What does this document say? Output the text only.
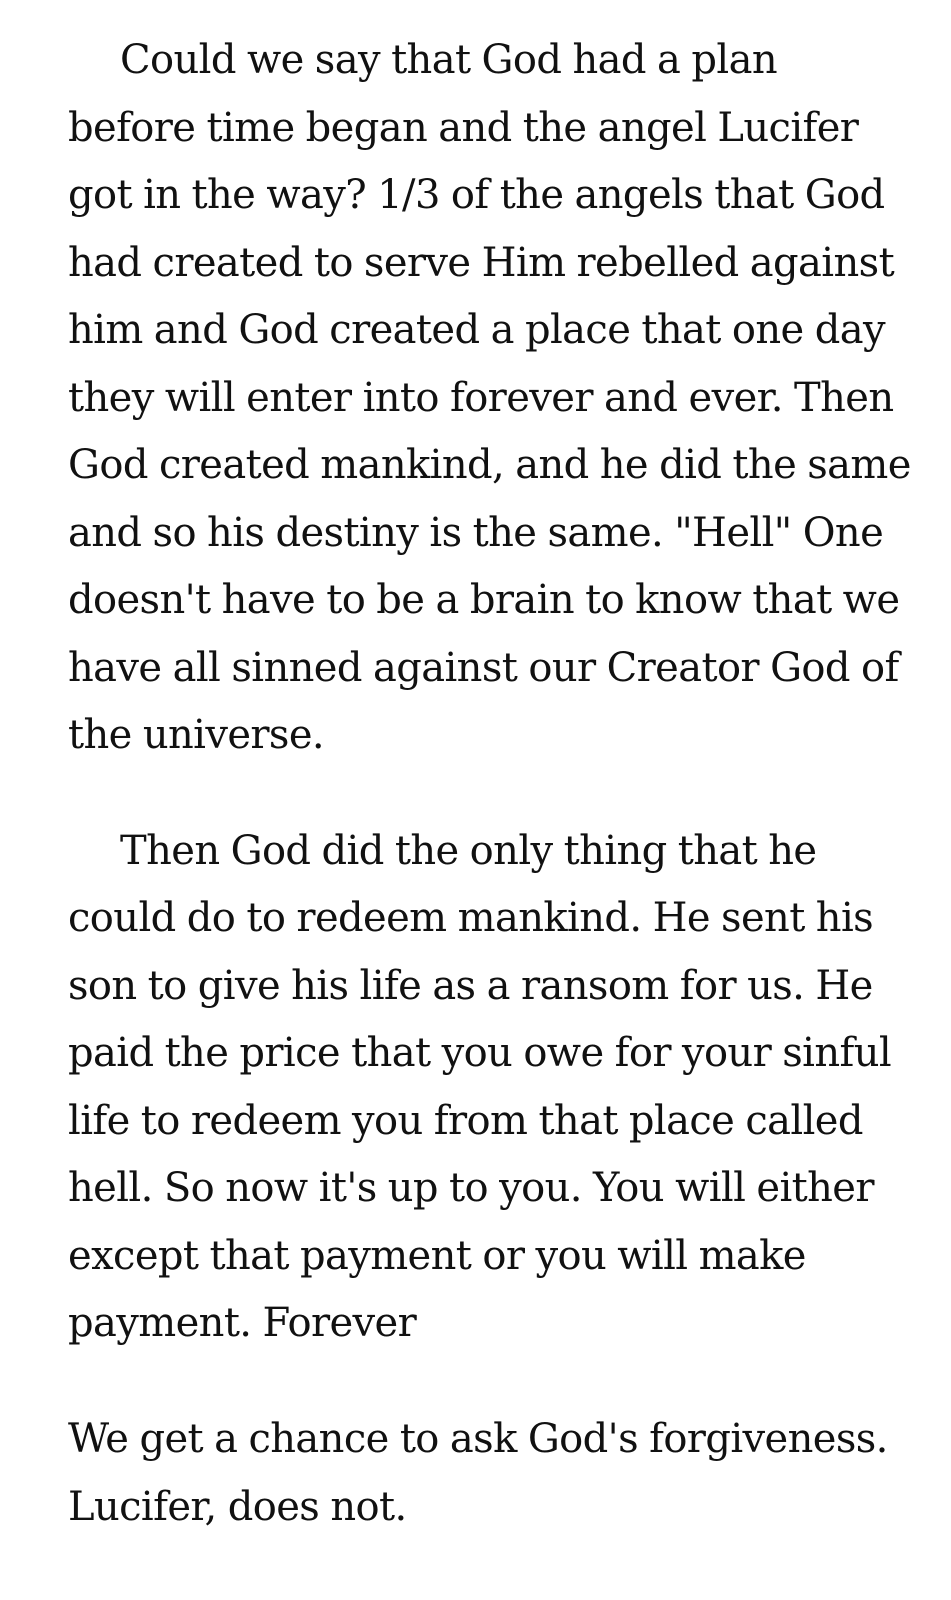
Could we say that God had a plan

before time began and the angel Lucifer

got in the way? 1/3 of the angels that God

had created to serve Him rebelled against

him and God created a place that one day

they will enter into forever and ever. Then

God created mankind, and he did the same

and so his destiny is the same. "Hell" One

doesn't have to be a brain to know that we

have all sinned against our Creator God of

the universe.

Then God did the only thing that he

could do to redeem mankind. He sent his

son to give his life as a ransom for us. He

paid the price that you owe for your sinful

life to redeem you from that place called

hell. So now it's up to you. You will either

except that payment or you will make

payment. Forever

We get a chance to ask God's forgiveness.

Lucifer, does not.
